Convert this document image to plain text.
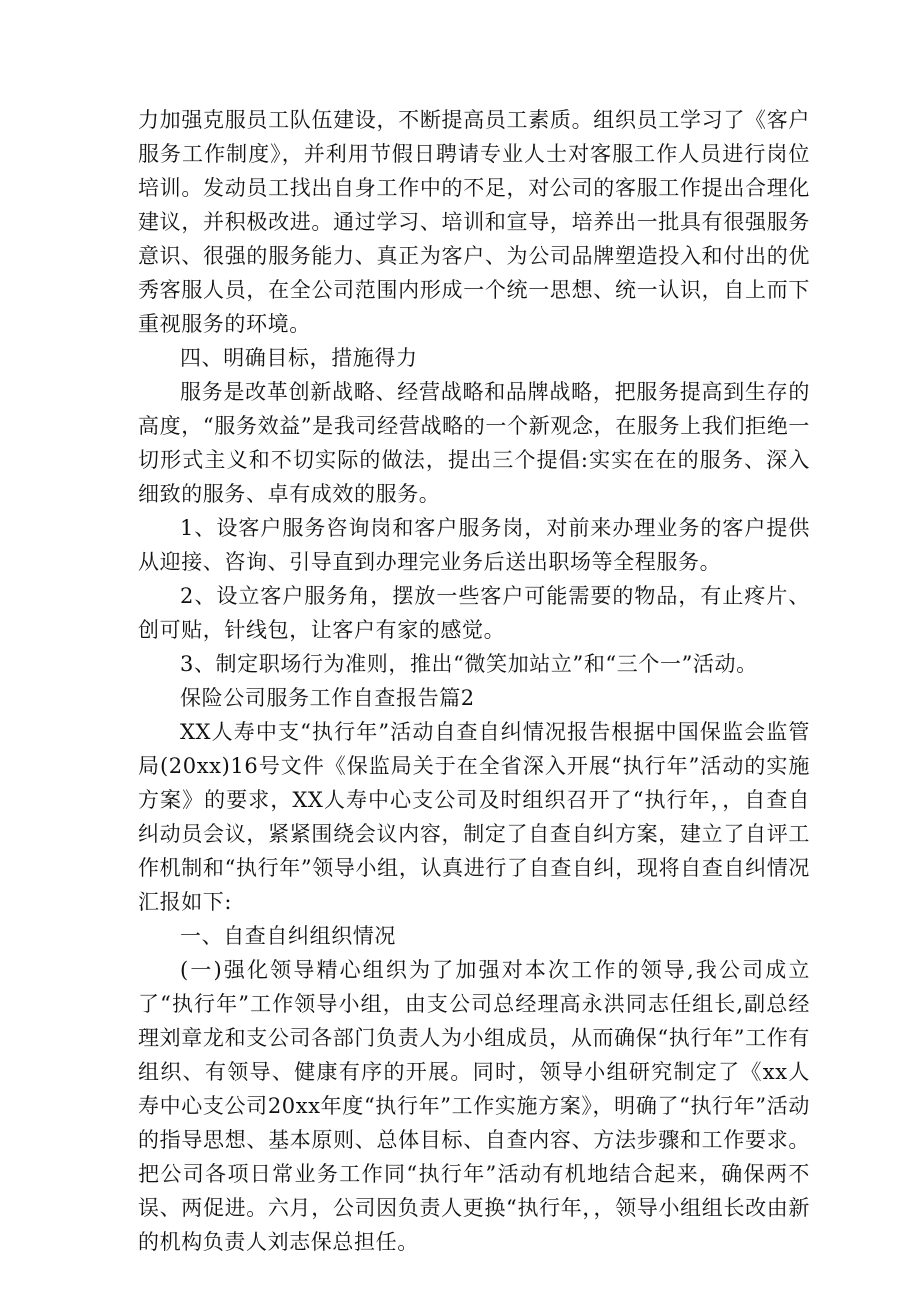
力加强克服员工队伍建设，不断提高员工素质。组织员工学习了《客户服务工作制度》，并利用节假日聘请专业人士对客服工作人员进行岗位培训。发动员工找出自身工作中的不足，对公司的客服工作提出合理化建议，并积极改进。通过学习、培训和宣导，培养出一批具有很强服务意识、很强的服务能力、真正为客户、为公司品牌塑造投入和付出的优秀客服人员，在全公司范围内形成一个统一思想、统一认识，自上而下重视服务的环境。

四、明确目标，措施得力

服务是改革创新战略、经营战略和品牌战略，把服务提高到生存的高度，“服务效益”是我司经营战略的一个新观念，在服务上我们拒绝一切形式主义和不切实际的做法，提出三个提倡:实实在在的服务、深入细致的服务、卓有成效的服务。

1、设客户服务咨询岗和客户服务岗，对前来办理业务的客户提供从迎接、咨询、引导直到办理完业务后送出职场等全程服务。

2、设立客户服务角，摆放一些客户可能需要的物品，有止疼片、创可贴，针线包，让客户有家的感觉。

3、制定职场行为准则，推出“微笑加站立”和“三个一”活动。

保险公司服务工作自查报告篇2

XX人寿中支“执行年”活动自查自纠情况报告根据中国保监会监管局(20xx)16号文件《保监局关于在全省深入开展“执行年”活动的实施方案》的要求，XX人寿中心支公司及时组织召开了“执行年，，自查自纠动员会议，紧紧围绕会议内容，制定了自查自纠方案，建立了自评工作机制和“执行年”领导小组，认真进行了自查自纠，现将自查自纠情况汇报如下:

一、自查自纠组织情况

(一)强化领导精心组织为了加强对本次工作的领导,我公司成立了“执行年”工作领导小组，由支公司总经理高永洪同志任组长,副总经理刘章龙和支公司各部门负责人为小组成员，从而确保“执行年”工作有组织、有领导、健康有序的开展。同时，领导小组研究制定了《xx人寿中心支公司20xx年度“执行年”工作实施方案》，明确了“执行年”活动的指导思想、基本原则、总体目标、自查内容、方法步骤和工作要求。把公司各项日常业务工作同“执行年”活动有机地结合起来，确保两不误、两促进。六月，公司因负责人更换“执行年，，领导小组组长改由新的机构负责人刘志保总担任。
